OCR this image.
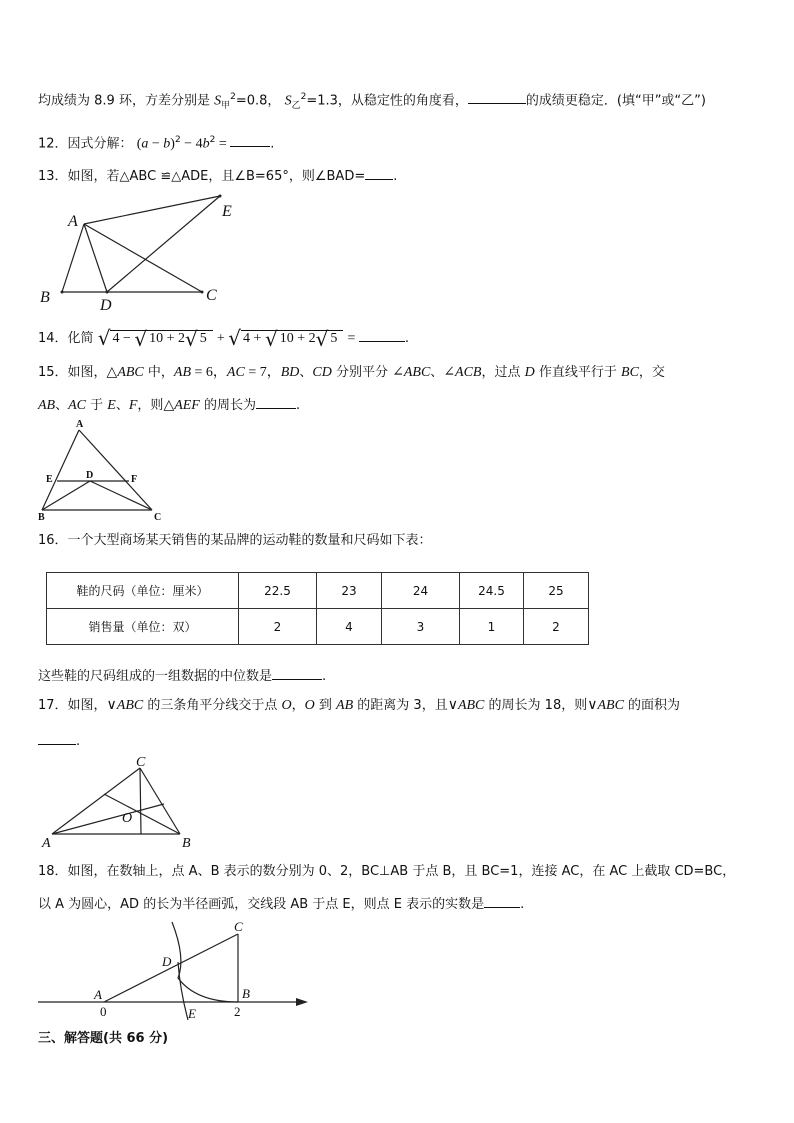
均成绩为 8.9 环，方差分别是 $S_甲^2=0.8$， $S_乙^2=1.3$，从稳定性的角度看，	的成绩更稳定．(填“甲”或“乙”)
12．因式分解： $(a - b)^2 - 4b^2$ =	.
13．如图，若△ABC ≌△ADE，且∠B=65°，则∠BAD= .
A
B	D
C
E
14．化简 √ 4 − √ 10 + 2√ 5 + √ 4 + √ 10 + 2√ 5 =	.
15．如图，△ABC 中，AB = 6，AC = 7，BD、CD 分别平分 ∠ABC、∠ACB，过点 D 作直线平行于 BC，交
AB、AC 于 E、F，则△AEF 的周长为	.
A
E	D	F
B	C
16．一个大型商场某天销售的某品牌的运动鞋的数量和尺码如下表：
鞋的尺码（单位：厘米）	22.5	23	24	24.5	25
销售量（单位：双）	2	4	3	1	2
这些鞋的尺码组成的一组数据的中位数是	.
17．如图，∨ABC 的三条角平分线交于点 O，O 到 AB 的距离为 3，且∨ABC 的周长为 18，则∨ABC 的面积为
.
C
O
A	B
18．如图，在数轴上，点 A、B 表示的数分别为 0、2，BC⊥AB 于点 B，且 BC=1，连接 AC，在 AC 上截取 CD=BC，
以 A 为圆心，AD 的长为半径画弧，交线段 AB 于点 E，则点 E 表示的实数是	.
C
D
A	B
E
0	2
三、解答题(共 66 分)
